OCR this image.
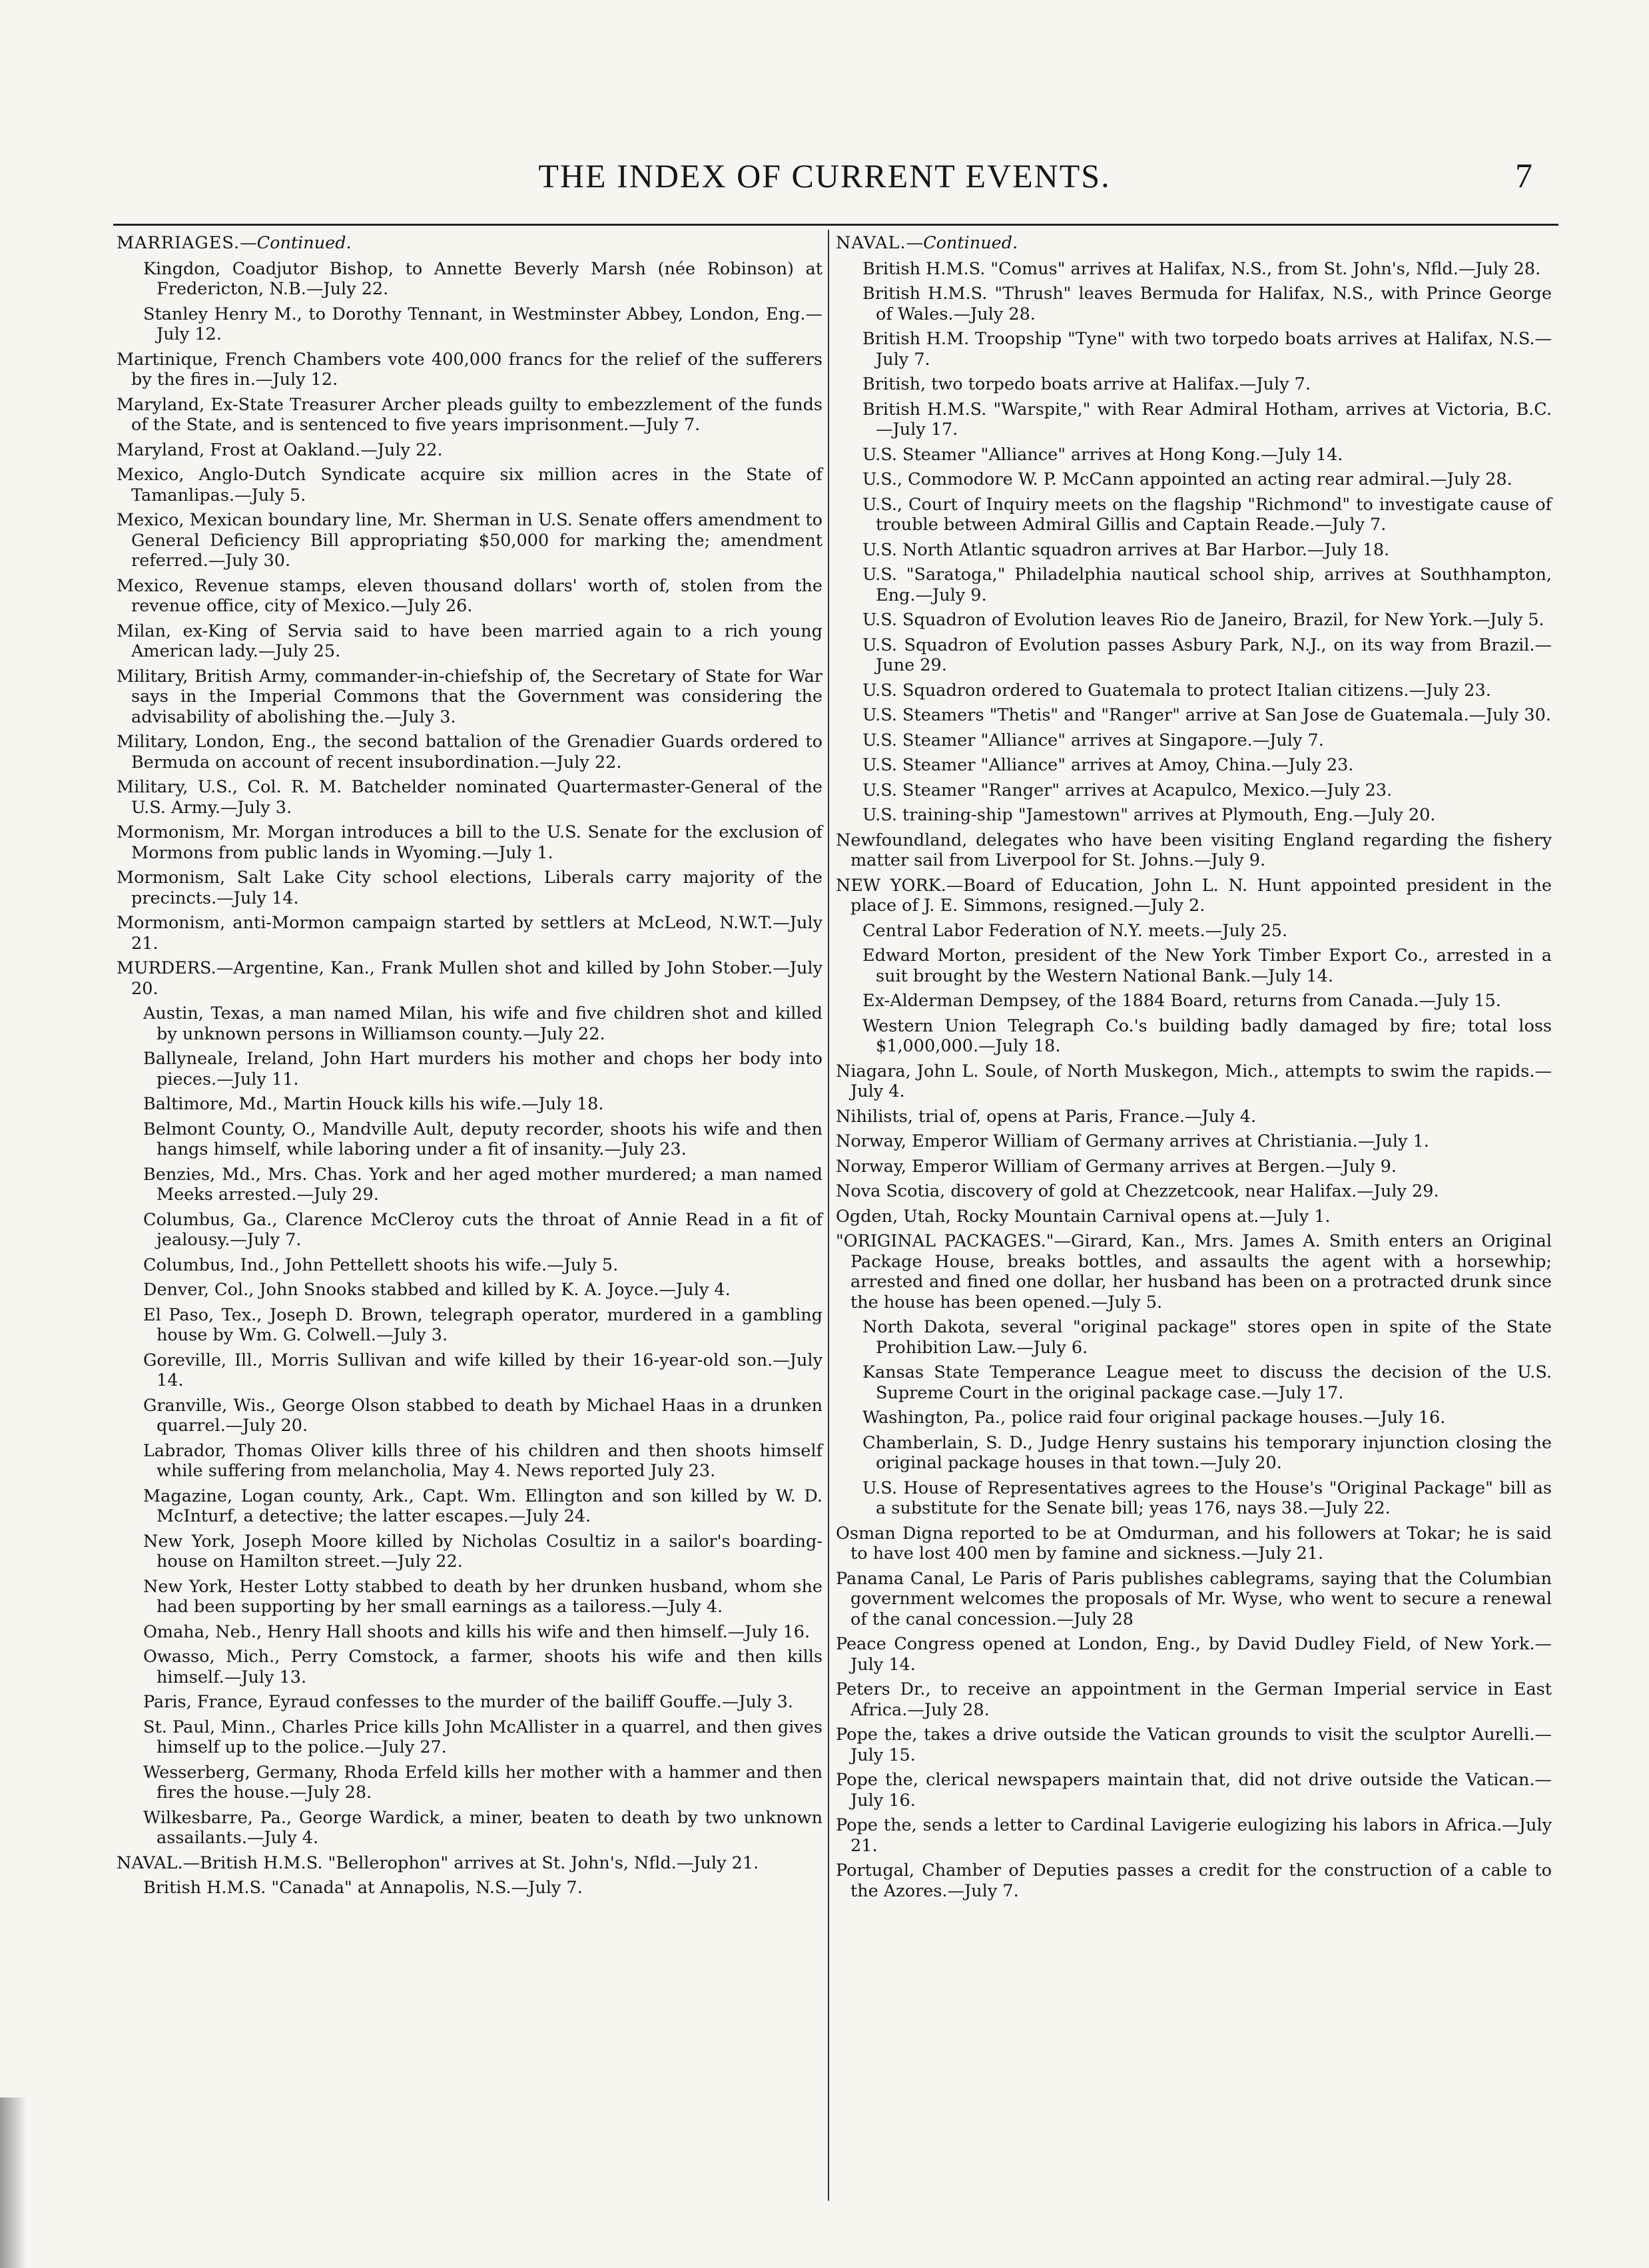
THE INDEX OF CURRENT EVENTS.	7
MARRIAGES.—Continued.
Kingdon, Coadjutor Bishop, to Annette Beverly Marsh (née Robinson) at Fredericton, N.B.—July 22.
Stanley Henry M., to Dorothy Tennant, in Westminster Abbey, London, Eng.—July 12.
Martinique, French Chambers vote 400,000 francs for the relief of the sufferers by the fires in.—July 12.
Maryland, Ex-State Treasurer Archer pleads guilty to embezzlement of the funds of the State, and is sentenced to five years imprisonment.—July 7.
Maryland, Frost at Oakland.—July 22.
Mexico, Anglo-Dutch Syndicate acquire six million acres in the State of Tamanlipas.—July 5.
Mexico, Mexican boundary line, Mr. Sherman in U.S. Senate offers amendment to General Deficiency Bill appropriating $50,000 for marking the; amendment referred.—July 30.
Mexico, Revenue stamps, eleven thousand dollars' worth of, stolen from the revenue office, city of Mexico.—July 26.
Milan, ex-King of Servia said to have been married again to a rich young American lady.—July 25.
Military, British Army, commander-in-chiefship of, the Secretary of State for War says in the Imperial Commons that the Government was considering the advisability of abolishing the.—July 3.
Military, London, Eng., the second battalion of the Grenadier Guards ordered to Bermuda on account of recent insubordination.—July 22.
Military, U.S., Col. R. M. Batchelder nominated Quartermaster-General of the U.S. Army.—July 3.
Mormonism, Mr. Morgan introduces a bill to the U.S. Senate for the exclusion of Mormons from public lands in Wyoming.—July 1.
Mormonism, Salt Lake City school elections, Liberals carry majority of the precincts.—July 14.
Mormonism, anti-Mormon campaign started by settlers at McLeod, N.W.T.—July 21.
MURDERS.—Argentine, Kan., Frank Mullen shot and killed by John Stober.—July 20.
Austin, Texas, a man named Milan, his wife and five children shot and killed by unknown persons in Williamson county.—July 22.
Ballyneale, Ireland, John Hart murders his mother and chops her body into pieces.—July 11.
Baltimore, Md., Martin Houck kills his wife.—July 18.
Belmont County, O., Mandville Ault, deputy recorder, shoots his wife and then hangs himself, while laboring under a fit of insanity.—July 23.
Benzies, Md., Mrs. Chas. York and her aged mother murdered; a man named Meeks arrested.—July 29.
Columbus, Ga., Clarence McCleroy cuts the throat of Annie Read in a fit of jealousy.—July 7.
Columbus, Ind., John Pettellett shoots his wife.—July 5.
Denver, Col., John Snooks stabbed and killed by K. A. Joyce.—July 4.
El Paso, Tex., Joseph D. Brown, telegraph operator, murdered in a gambling house by Wm. G. Colwell.—July 3.
Goreville, Ill., Morris Sullivan and wife killed by their 16-year-old son.—July 14.
Granville, Wis., George Olson stabbed to death by Michael Haas in a drunken quarrel.—July 20.
Labrador, Thomas Oliver kills three of his children and then shoots himself while suffering from melancholia, May 4. News reported July 23.
Magazine, Logan county, Ark., Capt. Wm. Ellington and son killed by W. D. McInturf, a detective; the latter escapes.—July 24.
New York, Joseph Moore killed by Nicholas Cosultiz in a sailor's boarding-house on Hamilton street.—July 22.
New York, Hester Lotty stabbed to death by her drunken husband, whom she had been supporting by her small earnings as a tailoress.—July 4.
Omaha, Neb., Henry Hall shoots and kills his wife and then himself.—July 16.
Owasso, Mich., Perry Comstock, a farmer, shoots his wife and then kills himself.—July 13.
Paris, France, Eyraud confesses to the murder of the bailiff Gouffe.—July 3.
St. Paul, Minn., Charles Price kills John McAllister in a quarrel, and then gives himself up to the police.—July 27.
Wesserberg, Germany, Rhoda Erfeld kills her mother with a hammer and then fires the house.—July 28.
Wilkesbarre, Pa., George Wardick, a miner, beaten to death by two unknown assailants.—July 4.
NAVAL.—British H.M.S. "Bellerophon" arrives at St. John's, Nfld.—July 21.
British H.M.S. "Canada" at Annapolis, N.S.—July 7.
NAVAL.—Continued.
British H.M.S. "Comus" arrives at Halifax, N.S., from St. John's, Nfld.—July 28.
British H.M.S. "Thrush" leaves Bermuda for Halifax, N.S., with Prince George of Wales.—July 28.
British H.M. Troopship "Tyne" with two torpedo boats arrives at Halifax, N.S.—July 7.
British, two torpedo boats arrive at Halifax.—July 7.
British H.M.S. "Warspite," with Rear Admiral Hotham, arrives at Victoria, B.C.—July 17.
U.S. Steamer "Alliance" arrives at Hong Kong.—July 14.
U.S., Commodore W. P. McCann appointed an acting rear admiral.—July 28.
U.S., Court of Inquiry meets on the flagship "Richmond" to investigate cause of trouble between Admiral Gillis and Captain Reade.—July 7.
U.S. North Atlantic squadron arrives at Bar Harbor.—July 18.
U.S. "Saratoga," Philadelphia nautical school ship, arrives at Southhampton, Eng.—July 9.
U.S. Squadron of Evolution leaves Rio de Janeiro, Brazil, for New York.—July 5.
U.S. Squadron of Evolution passes Asbury Park, N.J., on its way from Brazil.—June 29.
U.S. Squadron ordered to Guatemala to protect Italian citizens.—July 23.
U.S. Steamers "Thetis" and "Ranger" arrive at San Jose de Guatemala.—July 30.
U.S. Steamer "Alliance" arrives at Singapore.—July 7.
U.S. Steamer "Alliance" arrives at Amoy, China.—July 23.
U.S. Steamer "Ranger" arrives at Acapulco, Mexico.—July 23.
U.S. training-ship "Jamestown" arrives at Plymouth, Eng.—July 20.
Newfoundland, delegates who have been visiting England regarding the fishery matter sail from Liverpool for St. Johns.—July 9.
NEW YORK.—Board of Education, John L. N. Hunt appointed president in the place of J. E. Simmons, resigned.—July 2.
Central Labor Federation of N.Y. meets.—July 25.
Edward Morton, president of the New York Timber Export Co., arrested in a suit brought by the Western National Bank.—July 14.
Ex-Alderman Dempsey, of the 1884 Board, returns from Canada.—July 15.
Western Union Telegraph Co.'s building badly damaged by fire; total loss $1,000,000.—July 18.
Niagara, John L. Soule, of North Muskegon, Mich., attempts to swim the rapids.—July 4.
Nihilists, trial of, opens at Paris, France.—July 4.
Norway, Emperor William of Germany arrives at Christiania.—July 1.
Norway, Emperor William of Germany arrives at Bergen.—July 9.
Nova Scotia, discovery of gold at Chezzetcook, near Halifax.—July 29.
Ogden, Utah, Rocky Mountain Carnival opens at.—July 1.
"ORIGINAL PACKAGES."—Girard, Kan., Mrs. James A. Smith enters an Original Package House, breaks bottles, and assaults the agent with a horsewhip; arrested and fined one dollar, her husband has been on a protracted drunk since the house has been opened.—July 5.
North Dakota, several "original package" stores open in spite of the State Prohibition Law.—July 6.
Kansas State Temperance League meet to discuss the decision of the U.S. Supreme Court in the original package case.—July 17.
Washington, Pa., police raid four original package houses.—July 16.
Chamberlain, S. D., Judge Henry sustains his temporary injunction closing the original package houses in that town.—July 20.
U.S. House of Representatives agrees to the House's "Original Package" bill as a substitute for the Senate bill; yeas 176, nays 38.—July 22.
Osman Digna reported to be at Omdurman, and his followers at Tokar; he is said to have lost 400 men by famine and sickness.—July 21.
Panama Canal, Le Paris of Paris publishes cablegrams, saying that the Columbian government welcomes the proposals of Mr. Wyse, who went to secure a renewal of the canal concession.—July 28
Peace Congress opened at London, Eng., by David Dudley Field, of New York.—July 14.
Peters Dr., to receive an appointment in the German Imperial service in East Africa.—July 28.
Pope the, takes a drive outside the Vatican grounds to visit the sculptor Aurelli.—July 15.
Pope the, clerical newspapers maintain that, did not drive outside the Vatican.—July 16.
Pope the, sends a letter to Cardinal Lavigerie eulogizing his labors in Africa.—July 21.
Portugal, Chamber of Deputies passes a credit for the construction of a cable to the Azores.—July 7.
